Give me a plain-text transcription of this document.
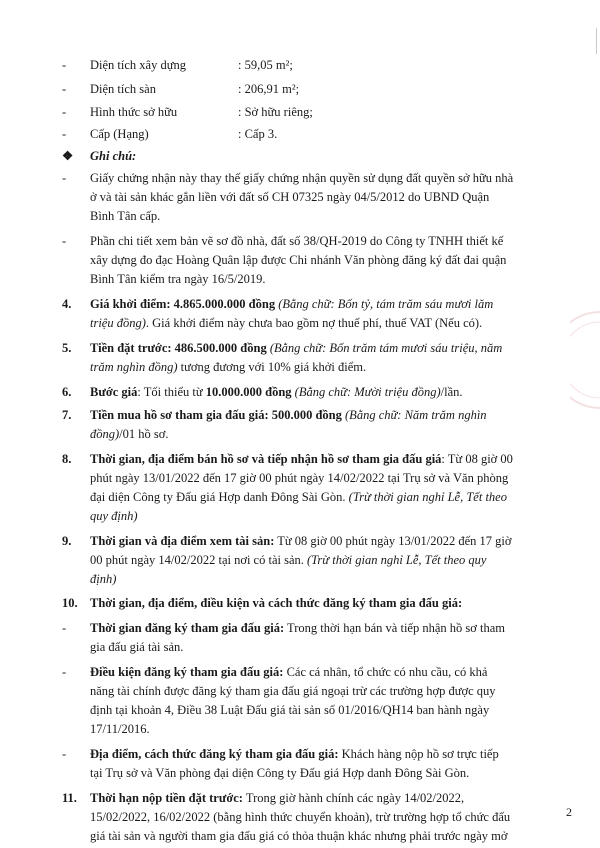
- Diện tích xây dựng	: 59,05 m²;
- Diện tích sàn	: 206,91 m²;
- Hình thức sở hữu	: Sở hữu riêng;
- Cấp (Hạng)	: Cấp 3.
❖ Ghi chú:
- Giấy chứng nhận này thay thế giấy chứng nhận quyền sử dụng đất quyền sở hữu nhà
ở và tài sản khác gắn liền với đất số CH 07325 ngày 04/5/2012 do UBND Quận
Bình Tân cấp.
- Phần chi tiết xem bản vẽ sơ đồ nhà, đất số 38/QH-2019 do Công ty TNHH thiết kế
xây dựng đo đạc Hoàng Quân lập được Chi nhánh Văn phòng đăng ký đất đai quận
Bình Tân kiểm tra ngày 16/5/2019.
4. Giá khởi điểm: 4.865.000.000 đồng (Bằng chữ: Bốn tỷ, tám trăm sáu mươi lăm
triệu đồng). Giá khởi điểm này chưa bao gồm nợ thuế phí, thuế VAT (Nếu có).
5. Tiền đặt trước: 486.500.000 đồng (Bằng chữ: Bốn trăm tám mươi sáu triệu, năm
trăm nghìn đồng) tương đương với 10% giá khởi điểm.
6. Bước giá: Tối thiểu từ 10.000.000 đồng (Bằng chữ: Mười triệu đồng)/lần.
7. Tiền mua hồ sơ tham gia đấu giá: 500.000 đồng (Bằng chữ: Năm trăm nghìn
đồng)/01 hồ sơ.
8. Thời gian, địa điểm bán hồ sơ và tiếp nhận hồ sơ tham gia đấu giá: Từ 08 giờ 00
phút ngày 13/01/2022 đến 17 giờ 00 phút ngày 14/02/2022 tại Trụ sở và Văn phòng
đại diện Công ty Đấu giá Hợp danh Đông Sài Gòn. (Trừ thời gian nghỉ Lễ, Tết theo
quy định)
9. Thời gian và địa điểm xem tài sản: Từ 08 giờ 00 phút ngày 13/01/2022 đến 17 giờ
00 phút ngày 14/02/2022 tại nơi có tài sản. (Trừ thời gian nghỉ Lễ, Tết theo quy
định)
10. Thời gian, địa điểm, điều kiện và cách thức đăng ký tham gia đấu giá:
- Thời gian đăng ký tham gia đấu giá: Trong thời hạn bán và tiếp nhận hồ sơ tham
gia đấu giá tài sản.
- Điều kiện đăng ký tham gia đấu giá: Các cá nhân, tổ chức có nhu cầu, có khả
năng tài chính được đăng ký tham gia đấu giá ngoại trừ các trường hợp được quy
định tại khoản 4, Điều 38 Luật Đấu giá tài sản số 01/2016/QH14 ban hành ngày
17/11/2016.
- Địa điểm, cách thức đăng ký tham gia đấu giá: Khách hàng nộp hồ sơ trực tiếp
tại Trụ sở và Văn phòng đại diện Công ty Đấu giá Hợp danh Đông Sài Gòn.
11. Thời hạn nộp tiền đặt trước: Trong giờ hành chính các ngày 14/02/2022,
15/02/2022, 16/02/2022 (bằng hình thức chuyển khoản), trừ trường hợp tổ chức đấu
giá tài sản và người tham gia đấu giá có thỏa thuận khác nhưng phải trước ngày mở
2
